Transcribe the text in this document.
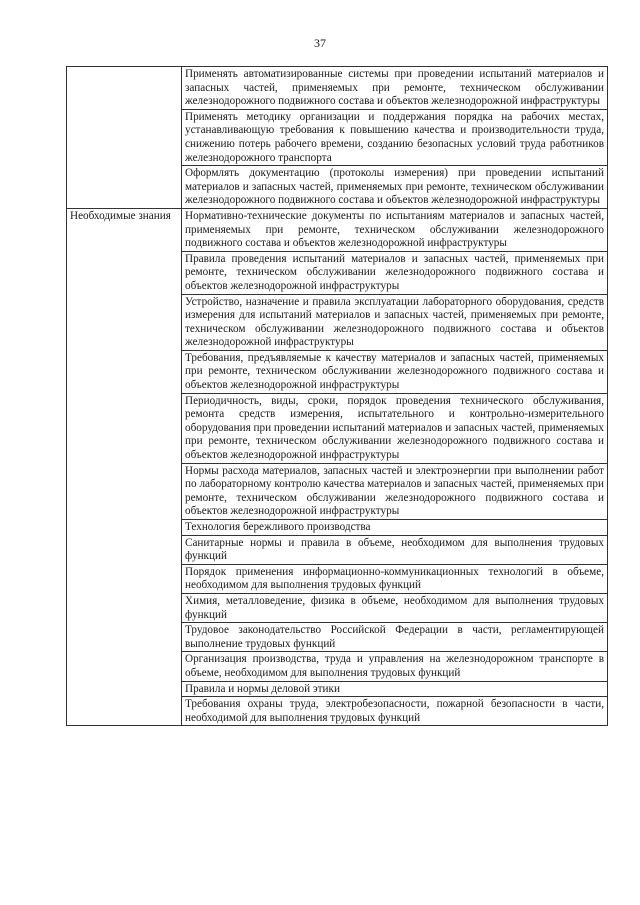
37
	Применять автоматизированные системы при проведении испытаний материалов и запасных частей, применяемых при ремонте, техническом обслуживании железнодорожного подвижного состава и объектов железнодорожной инфраструктуры
	Применять методику организации и поддержания порядка на рабочих местах, устанавливающую требования к повышению качества и производительности труда, снижению потерь рабочего времени, созданию безопасных условий труда работников железнодорожного транспорта
	Оформлять документацию (протоколы измерения) при проведении испытаний материалов и запасных частей, применяемых при ремонте, техническом обслуживании железнодорожного подвижного состава и объектов железнодорожной инфраструктуры
Необходимые знания	Нормативно-технические документы по испытаниям материалов и запасных частей, применяемых при ремонте, техническом обслуживании железнодорожного подвижного состава и объектов железнодорожной инфраструктуры
	Правила проведения испытаний материалов и запасных частей, применяемых при ремонте, техническом обслуживании железнодорожного подвижного состава и объектов железнодорожной инфраструктуры
	Устройство, назначение и правила эксплуатации лабораторного оборудования, средств измерения для испытаний материалов и запасных частей, применяемых при ремонте, техническом обслуживании железнодорожного подвижного состава и объектов железнодорожной инфраструктуры
	Требования, предъявляемые к качеству материалов и запасных частей, применяемых при ремонте, техническом обслуживании железнодорожного подвижного состава и объектов железнодорожной инфраструктуры
	Периодичность, виды, сроки, порядок проведения технического обслуживания, ремонта средств измерения, испытательного и контрольно-измерительного оборудования при проведении испытаний материалов и запасных частей, применяемых при ремонте, техническом обслуживании железнодорожного подвижного состава и объектов железнодорожной инфраструктуры
	Нормы расхода материалов, запасных частей и электроэнергии при выполнении работ по лабораторному контролю качества материалов и запасных частей, применяемых при ремонте, техническом обслуживании железнодорожного подвижного состава и объектов железнодорожной инфраструктуры
	Технология бережливого производства
	Санитарные нормы и правила в объеме, необходимом для выполнения трудовых функций
	Порядок применения информационно-коммуникационных технологий в объеме, необходимом для выполнения трудовых функций
	Химия, металловедение, физика в объеме, необходимом для выполнения трудовых функций
	Трудовое законодательство Российской Федерации в части, регламентирующей выполнение трудовых функций
	Организация производства, труда и управления на железнодорожном транспорте в объеме, необходимом для выполнения трудовых функций
	Правила и нормы деловой этики
	Требования охраны труда, электробезопасности, пожарной безопасности в части, необходимой для выполнения трудовых функций
